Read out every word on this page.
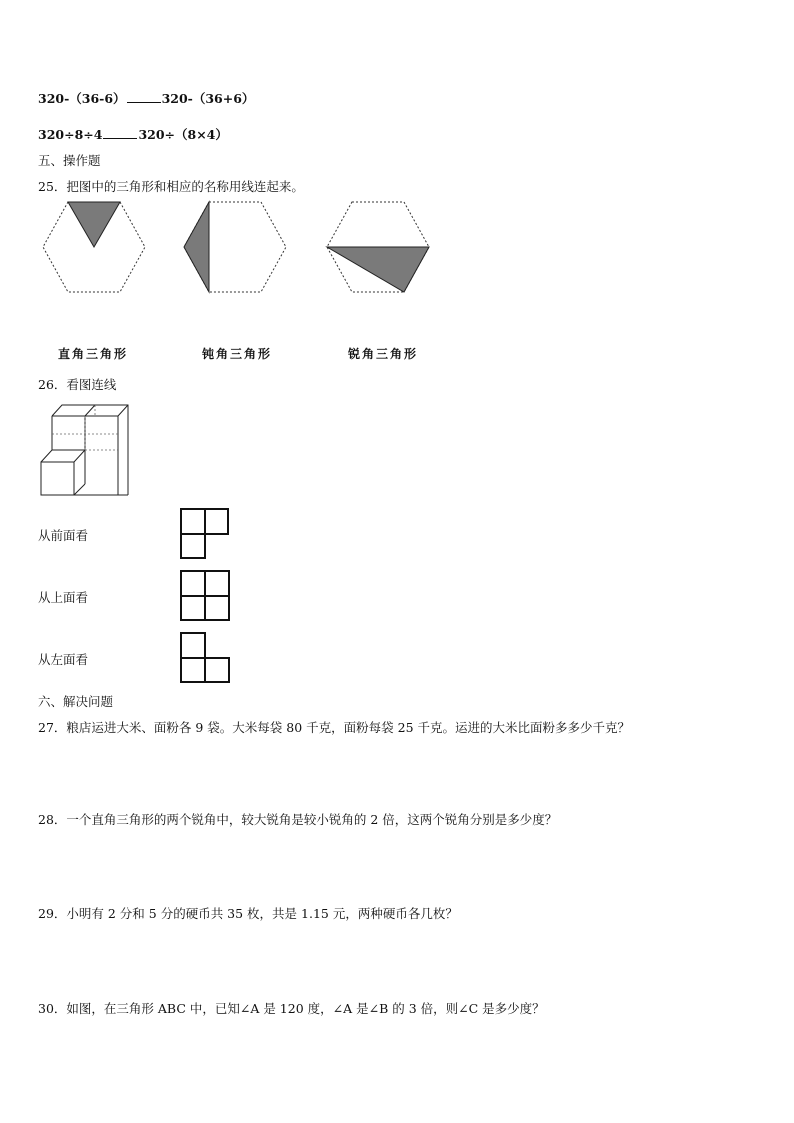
320-（36-6）	320-（36+6）
320÷8÷4	320÷（8×4）
五、操作题
25．把图中的三角形和相应的名称用线连起来。
直角三角形	钝角三角形	锐角三角形
26．看图连线
从前面看
从上面看
从左面看
六、解决问题
27．粮店运进大米、面粉各 9 袋。大米每袋 80 千克，面粉每袋 25 千克。运进的大米比面粉多多少千克？
28．一个直角三角形的两个锐角中，较大锐角是较小锐角的 2 倍，这两个锐角分别是多少度？
29．小明有 2 分和 5 分的硬币共 35 枚，共是 1.15 元，两种硬币各几枚？
30．如图，在三角形 ABC 中，已知∠A 是 120 度，∠A 是∠B 的 3 倍，则∠C 是多少度？
